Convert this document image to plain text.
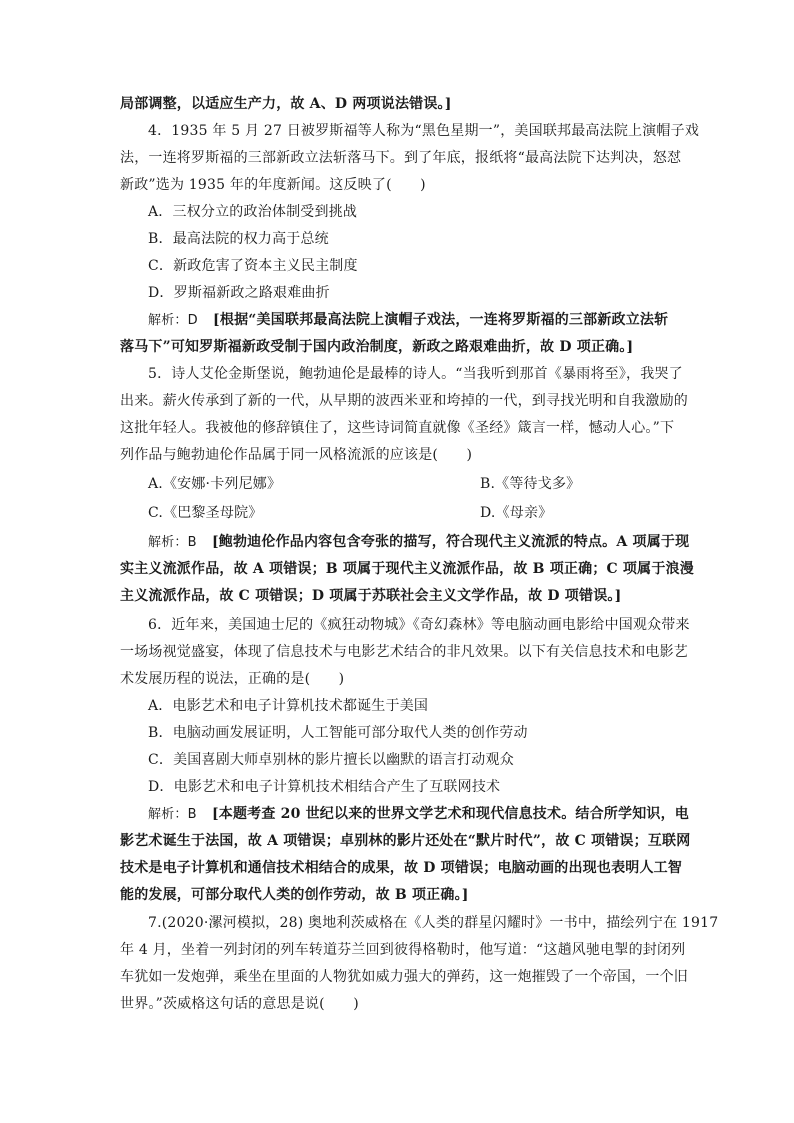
局部调整，以适应生产力，故 A、D 两项说法错误。]
4．1935 年 5 月 27 日被罗斯福等人称为“黑色星期一”，美国联邦最高法院上演帽子戏
法，一连将罗斯福的三部新政立法斩落马下。到了年底，报纸将“最高法院下达判决，怒怼
新政”选为 1935 年的年度新闻。这反映了(　　)
A．三权分立的政治体制受到挑战
B．最高法院的权力高于总统
C．新政危害了资本主义民主制度
D．罗斯福新政之路艰难曲折
解析：D [根据“美国联邦最高法院上演帽子戏法，一连将罗斯福的三部新政立法斩
落马下”可知罗斯福新政受制于国内政治制度，新政之路艰难曲折，故 D 项正确。]
5．诗人艾伦金斯堡说，鲍勃迪伦是最棒的诗人。“当我听到那首《暴雨将至》，我哭了
出来。薪火传承到了新的一代，从早期的波西米亚和垮掉的一代，到寻找光明和自我激励的
这批年轻人。我被他的修辞镇住了，这些诗词简直就像《圣经》箴言一样，憾动人心。”下
列作品与鲍勃迪伦作品属于同一风格流派的应该是(　　)
A.《安娜·卡列尼娜》	B.《等待戈多》
C.《巴黎圣母院》	D.《母亲》
解析：B [鲍勃迪伦作品内容包含夸张的描写，符合现代主义流派的特点。A 项属于现
实主义流派作品，故 A 项错误；B 项属于现代主义流派作品，故 B 项正确；C 项属于浪漫
主义流派作品，故 C 项错误；D 项属于苏联社会主义文学作品，故 D 项错误。]
6．近年来，美国迪士尼的《疯狂动物城》《奇幻森林》等电脑动画电影给中国观众带来
一场场视觉盛宴，体现了信息技术与电影艺术结合的非凡效果。以下有关信息技术和电影艺
术发展历程的说法，正确的是(　　)
A．电影艺术和电子计算机技术都诞生于美国
B．电脑动画发展证明，人工智能可部分取代人类的创作劳动
C．美国喜剧大师卓别林的影片擅长以幽默的语言打动观众
D．电影艺术和电子计算机技术相结合产生了互联网技术
解析：B [本题考查 20 世纪以来的世界文学艺术和现代信息技术。结合所学知识，电
影艺术诞生于法国，故 A 项错误；卓别林的影片还处在“默片时代”，故 C 项错误；互联网
技术是电子计算机和通信技术相结合的成果，故 D 项错误；电脑动画的出现也表明人工智
能的发展，可部分取代人类的创作劳动，故 B 项正确。]
7.(2020·漯河模拟，28) 奥地利茨威格在《人类的群星闪耀时》一书中，描绘列宁在 1917
年 4 月，坐着一列封闭的列车转道芬兰回到彼得格勒时，他写道：“这趟风驰电掣的封闭列
车犹如一发炮弹，乘坐在里面的人物犹如威力强大的弹药，这一炮摧毁了一个帝国，一个旧
世界。”茨威格这句话的意思是说(　　)
